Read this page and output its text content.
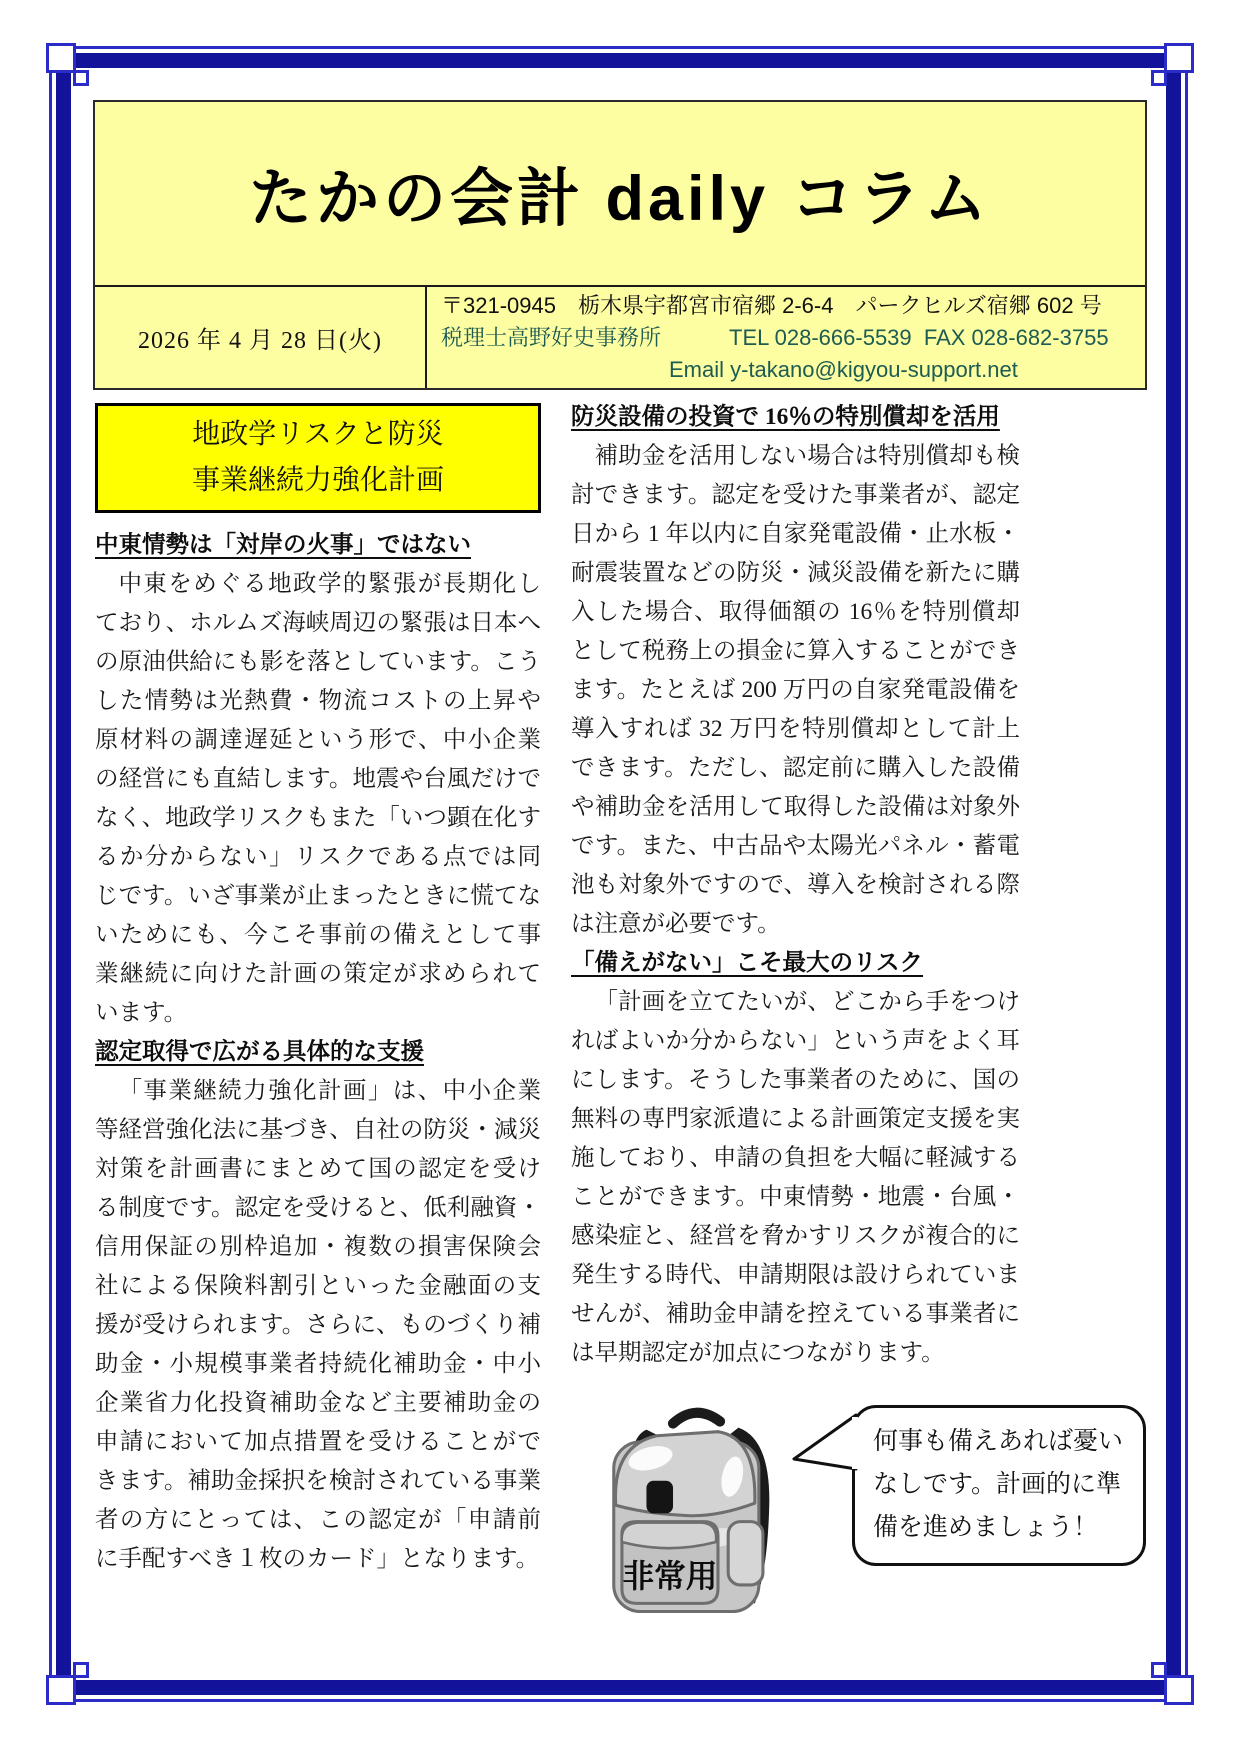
たかの会計 daily コラム
2026 年 4 月 28 日(火)
〒321-0945　栃木県宇都宮市宿郷 2-6-4　パークヒルズ宿郷 602 号
税理士高野好史事務所	TEL 028-666-5539  FAX 028-682-3755
Email y-takano@kigyou-support.net
地政学リスクと防災
事業継続力強化計画
中東情勢は「対岸の火事」ではない

中東をめぐる地政学的緊張が長期化しており、ホルムズ海峡周辺の緊張は日本への原油供給にも影を落としています。こうした情勢は光熱費・物流コストの上昇や原材料の調達遅延という形で、中小企業の経営にも直結します。地震や台風だけでなく、地政学リスクもまた「いつ顕在化するか分からない」リスクである点では同じです。いざ事業が止まったときに慌てないためにも、今こそ事前の備えとして事業継続に向けた計画の策定が求められています。

認定取得で広がる具体的な支援

「事業継続力強化計画」は、中小企業等経営強化法に基づき、自社の防災・減災対策を計画書にまとめて国の認定を受ける制度です。認定を受けると、低利融資・信用保証の別枠追加・複数の損害保険会社による保険料割引といった金融面の支援が受けられます。さらに、ものづくり補助金・小規模事業者持続化補助金・中小企業省力化投資補助金など主要補助金の申請において加点措置を受けることができます。補助金採択を検討されている事業者の方にとっては、この認定が「申請前に手配すべき１枚のカード」となります。

防災設備の投資で 16％の特別償却を活用

補助金を活用しない場合は特別償却も検討できます。認定を受けた事業者が、認定日から 1 年以内に自家発電設備・止水板・耐震装置などの防災・減災設備を新たに購入した場合、取得価額の 16％を特別償却として税務上の損金に算入することができます。たとえば 200 万円の自家発電設備を導入すれば 32 万円を特別償却として計上できます。ただし、認定前に購入した設備や補助金を活用して取得した設備は対象外です。また、中古品や太陽光パネル・蓄電池も対象外ですので、導入を検討される際は注意が必要です。

「備えがない」こそ最大のリスク

「計画を立てたいが、どこから手をつければよいか分からない」という声をよく耳にします。そうした事業者のために、国の無料の専門家派遣による計画策定支援を実施しており、申請の負担を大幅に軽減することができます。中東情勢・地震・台風・感染症と、経営を脅かすリスクが複合的に発生する時代、申請期限は設けられていませんが、補助金申請を控えている事業者には早期認定が加点につながります。

非常用
何事も備えあれば憂いなしです。計画的に準備を進めましょう！
